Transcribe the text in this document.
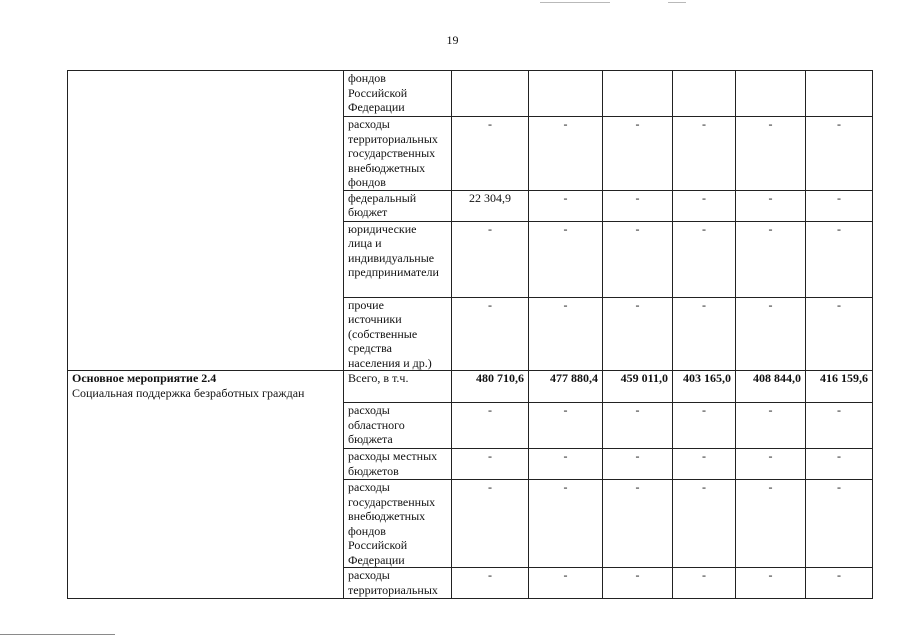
19

	фондов
Российской
Федерации						

	расходы
территориальных
государственных
внебюджетных
фондов	-	-	-	-	-	-

	федеральный
бюджет	22 304,9	-	-	-	-	-

	юридические
лица и
индивидуальные
предприниматели	-	-	-	-	-	-

	прочие
источники
(собственные
средства
населения и др.)	-	-	-	-	-	-

Основное мероприятие 2.4
Социальная поддержка безработных граждан	Всего, в т.ч.	480 710,6	477 880,4	459 011,0	403 165,0	408 844,0	416 159,6
	расходы областного бюджета	-	-	-	-	-	-
	расходы местных бюджетов	-	-	-	-	-	-
	расходы государственных внебюджетных фондов Российской Федерации	-	-	-	-	-	-
	расходы территориальных	-	-	-	-	-	-
